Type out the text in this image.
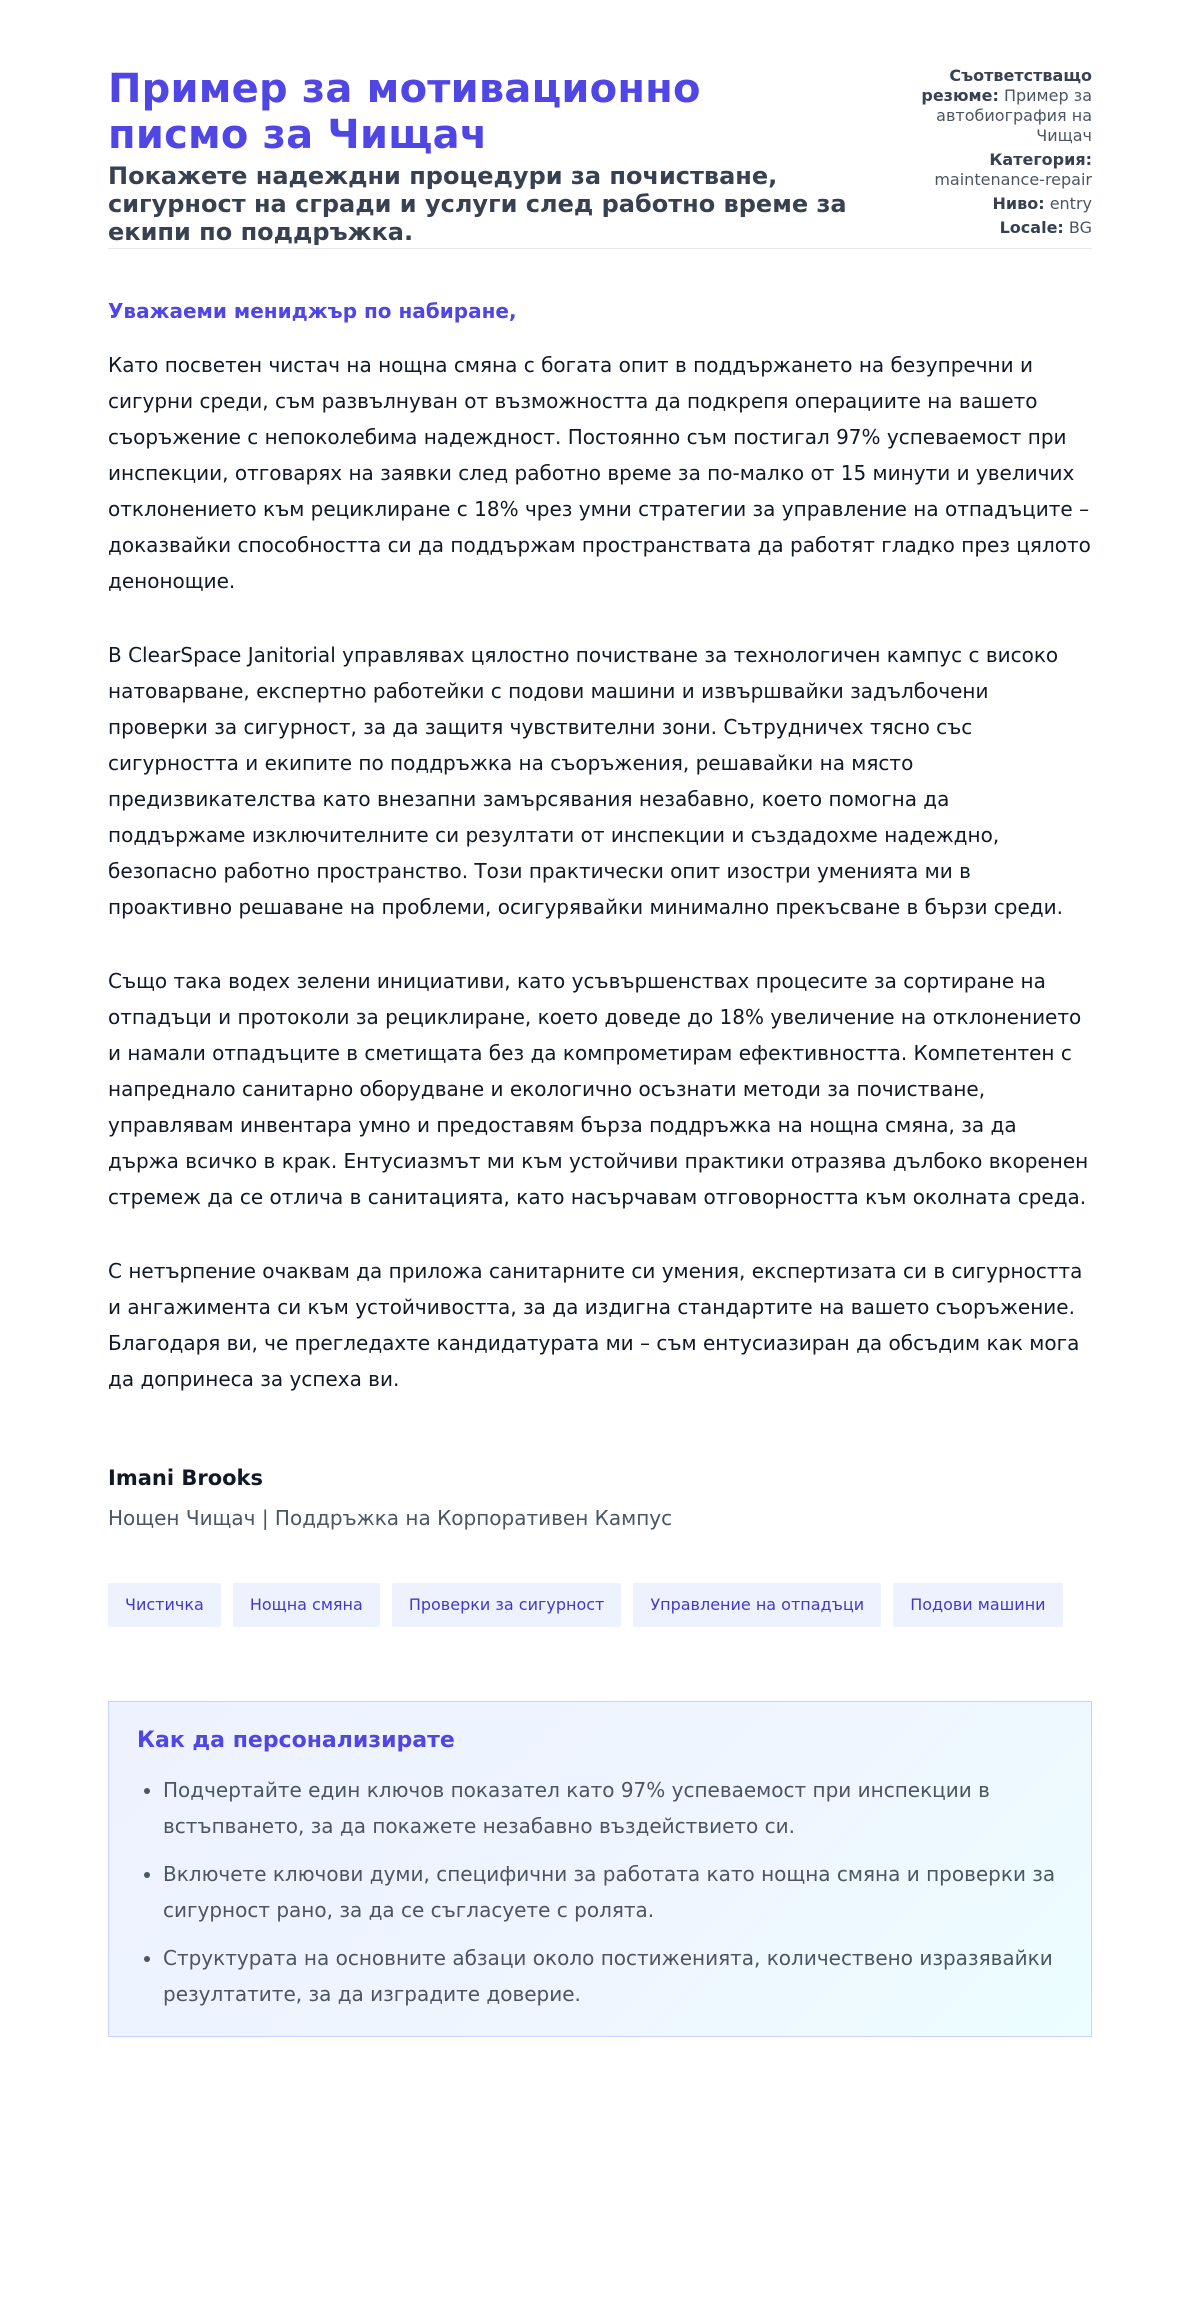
Пример за мотивационно писмо за Чищач
Покажете надеждни процедури за почистване, сигурност на сгради и услуги след работно време за екипи по поддръжка.
Съответстващо резюме: Пример за автобиография на Чищач
Категория: maintenance-repair
Ниво: entry
Locale: BG

Уважаеми мениджър по набиране,

Като посветен чистач на нощна смяна с богата опит в поддържането на безупречни и сигурни среди, съм развълнуван от възможността да подкрепя операциите на вашето съоръжение с непоколебима надеждност. Постоянно съм постигал 97% успеваемост при инспекции, отговарях на заявки след работно време за по-малко от 15 минути и увеличих отклонението към рециклиране с 18% чрез умни стратегии за управление на отпадъците – доказвайки способността си да поддържам пространствата да работят гладко през цялото денонощие.

В ClearSpace Janitorial управлявах цялостно почистване за технологичен кампус с високо натоварване, експертно работейки с подови машини и извършвайки задълбочени проверки за сигурност, за да защитя чувствителни зони. Сътрудничех тясно със сигурността и екипите по поддръжка на съоръжения, решавайки на място предизвикателства като внезапни замърсявания незабавно, което помогна да поддържаме изключителните си резултати от инспекции и създадохме надеждно, безопасно работно пространство. Този практически опит изостри уменията ми в проактивно решаване на проблеми, осигурявайки минимално прекъсване в бързи среди.

Също така водех зелени инициативи, като усъвършенствах процесите за сортиране на отпадъци и протоколи за рециклиране, което доведе до 18% увеличение на отклонението и намали отпадъците в сметищата без да компрометирам ефективността. Компетентен с напреднало санитарно оборудване и екологично осъзнати методи за почистване, управлявам инвентара умно и предоставям бърза поддръжка на нощна смяна, за да държа всичко в крак. Ентусиазмът ми към устойчиви практики отразява дълбоко вкоренен стремеж да се отлича в санитацията, като насърчавам отговорността към околната среда.

С нетърпение очаквам да приложа санитарните си умения, експертизата си в сигурността и ангажимента си към устойчивостта, за да издигна стандартите на вашето съоръжение. Благодаря ви, че прегледахте кандидатурата ми – съм ентусиазиран да обсъдим как мога да допринеса за успеха ви.

Imani Brooks
Нощен Чищач | Поддръжка на Корпоративен Кампус
Чистичка	Нощна смяна	Проверки за сигурност	Управление на отпадъци	Подови машини
Как да персонализирате
• Подчертайте един ключов показател като 97% успеваемост при инспекции в встъпването, за да покажете незабавно въздействието си.
• Включете ключови думи, специфични за работата като нощна смяна и проверки за сигурност рано, за да се съгласуете с ролята.
• Структурата на основните абзаци около постиженията, количествено изразявайки резултатите, за да изградите доверие.
